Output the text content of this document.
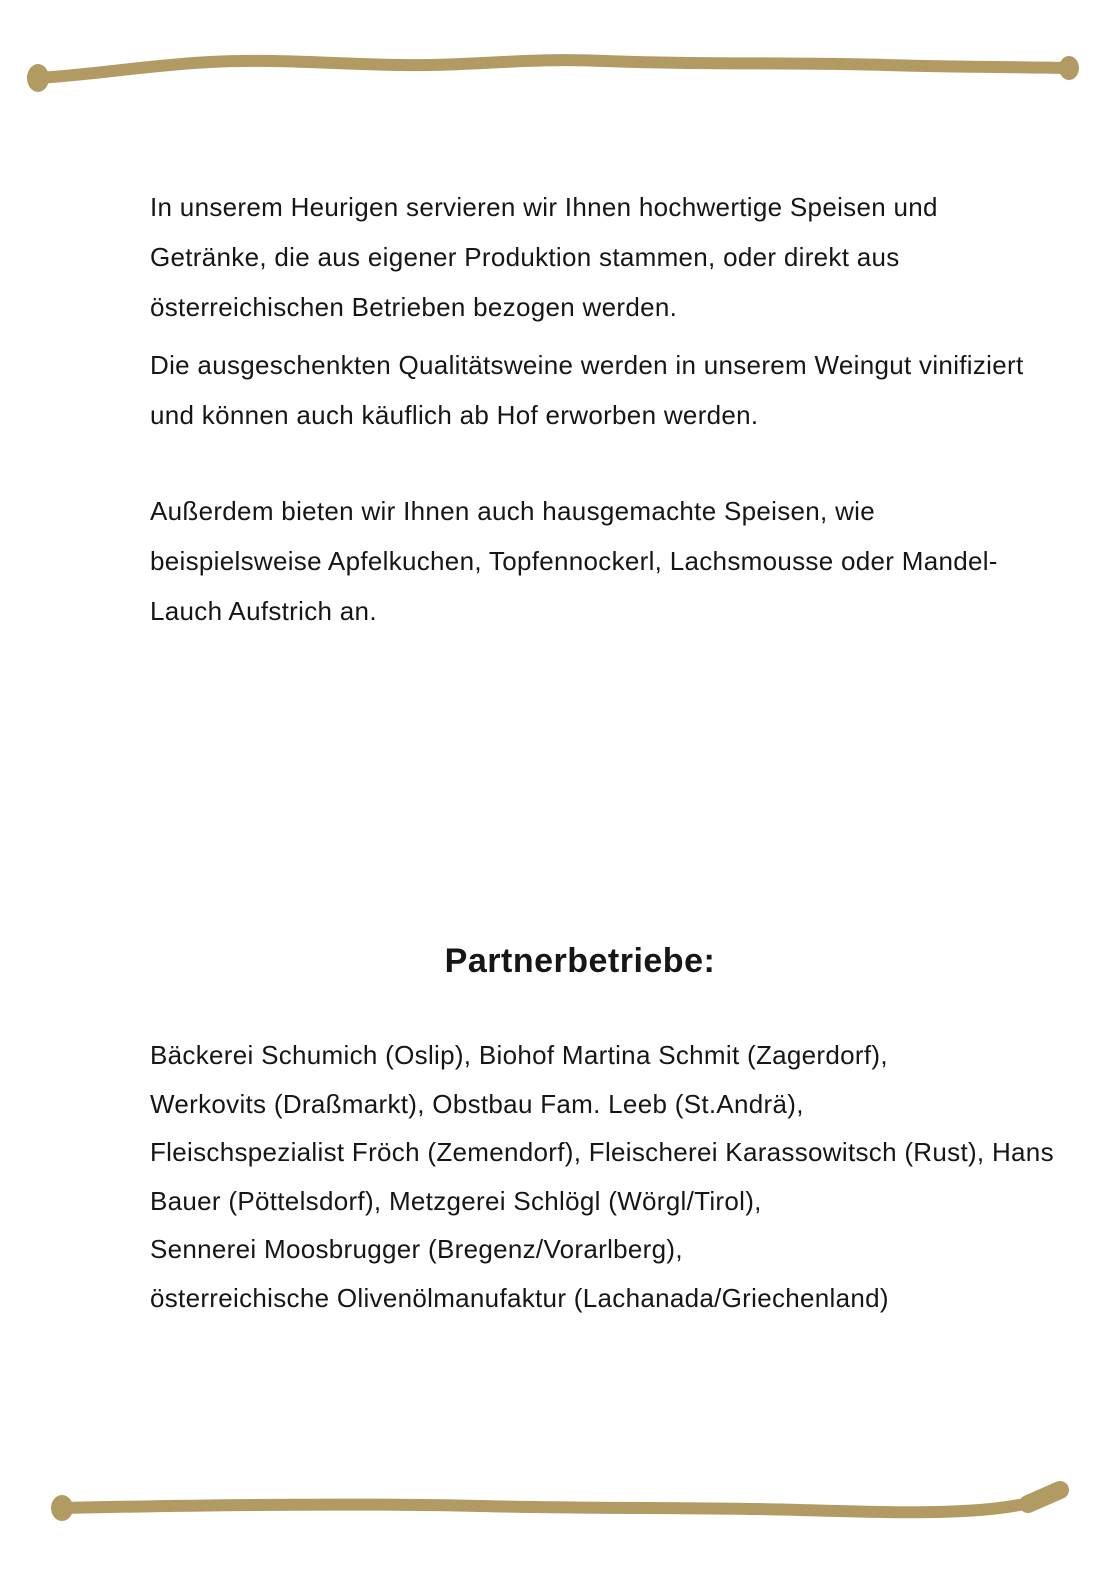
In unserem Heurigen servieren wir Ihnen hochwertige Speisen und
Getränke, die aus eigener Produktion stammen, oder direkt aus
österreichischen Betrieben bezogen werden.

Die ausgeschenkten Qualitätsweine werden in unserem Weingut vinifiziert
und können auch käuflich ab Hof erworben werden.

Außerdem bieten wir Ihnen auch hausgemachte Speisen, wie
beispielsweise Apfelkuchen, Topfennockerl, Lachsmousse oder Mandel-
Lauch Aufstrich an.

Partnerbetriebe:
Bäckerei Schumich (Oslip), Biohof Martina Schmit (Zagerdorf),
Werkovits (Draßmarkt), Obstbau Fam. Leeb (St.Andrä),
Fleischspezialist Fröch (Zemendorf), Fleischerei Karassowitsch (Rust), Hans
Bauer (Pöttelsdorf), Metzgerei Schlögl (Wörgl/Tirol),
Sennerei Moosbrugger (Bregenz/Vorarlberg),
österreichische Olivenölmanufaktur (Lachanada/Griechenland)
